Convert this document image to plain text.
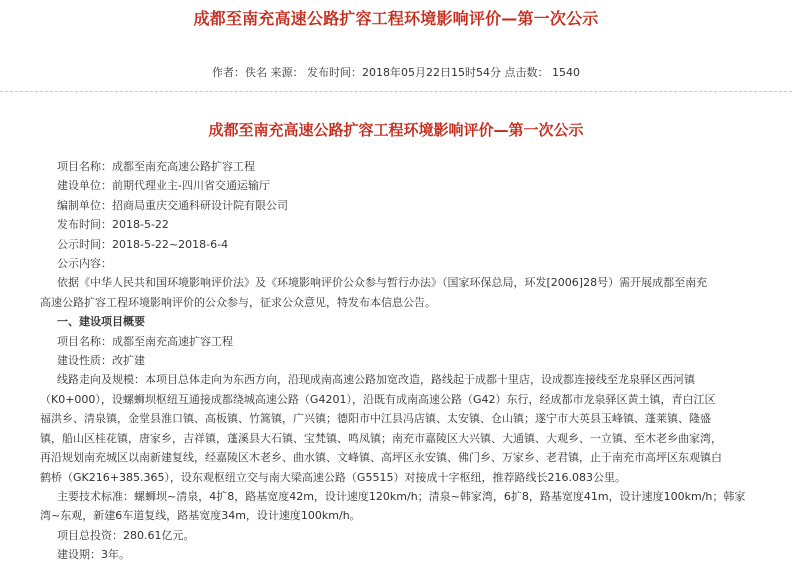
成都至南充高速公路扩容工程环境影响评价—第一次公示
作者：佚名 来源： 发布时间：2018年05月22日15时54分 点击数： 1540
成都至南充高速公路扩容工程环境影响评价—第一次公示
项目名称：成都至南充高速公路扩容工程
建设单位：前期代理业主-四川省交通运输厅
编制单位：招商局重庆交通科研设计院有限公司
发布时间：2018-5-22
公示时间：2018-5-22~2018-6-4
公示内容：
依据《中华人民共和国环境影响评价法》及《环境影响评价公众参与暂行办法》（国家环保总局，环发[2006]28号）需开展成都至南充
高速公路扩容工程环境影响评价的公众参与，征求公众意见，特发布本信息公告。
一、建设项目概要
项目名称：成都至南充高速扩容工程
建设性质：改扩建
线路走向及规模：本项目总体走向为东西方向，沿现成南高速公路加宽改造，路线起于成都十里店，设成都连接线至龙泉驿区西河镇
（K0+000），设螺蛳坝枢纽互通接成都绕城高速公路（G4201），沿既有成南高速公路（G42）东行，经成都市龙泉驿区黄土镇，青白江区
福洪乡、清泉镇，金堂县淮口镇、高板镇、竹篙镇，广兴镇；德阳市中江县冯店镇、太安镇、仓山镇；遂宁市大英县玉峰镇、蓬莱镇、隆盛
镇，船山区桂花镇，唐家乡，吉祥镇，蓬溪县大石镇、宝梵镇、鸣凤镇；南充市嘉陵区大兴镇、大通镇、大观乡、一立镇、至木老乡曲家湾，
再沿规划南充城区以南新建复线，经嘉陵区木老乡、曲水镇、文峰镇、高坪区永安镇、佛门乡、万家乡、老君镇，止于南充市高坪区东观镇白
鹤桥（GK216+385.365），设东观枢纽立交与南大梁高速公路（G5515）对接成十字枢纽，推荐路线长216.083公里。
主要技术标准：螺蛳坝~清泉，4扩8，路基宽度42m，设计速度120km/h；清泉~韩家湾，6扩8，路基宽度41m，设计速度100km/h；韩家
湾~东观，新建6车道复线，路基宽度34m，设计速度100km/h。
项目总投资：280.61亿元。
建设期：3年。
